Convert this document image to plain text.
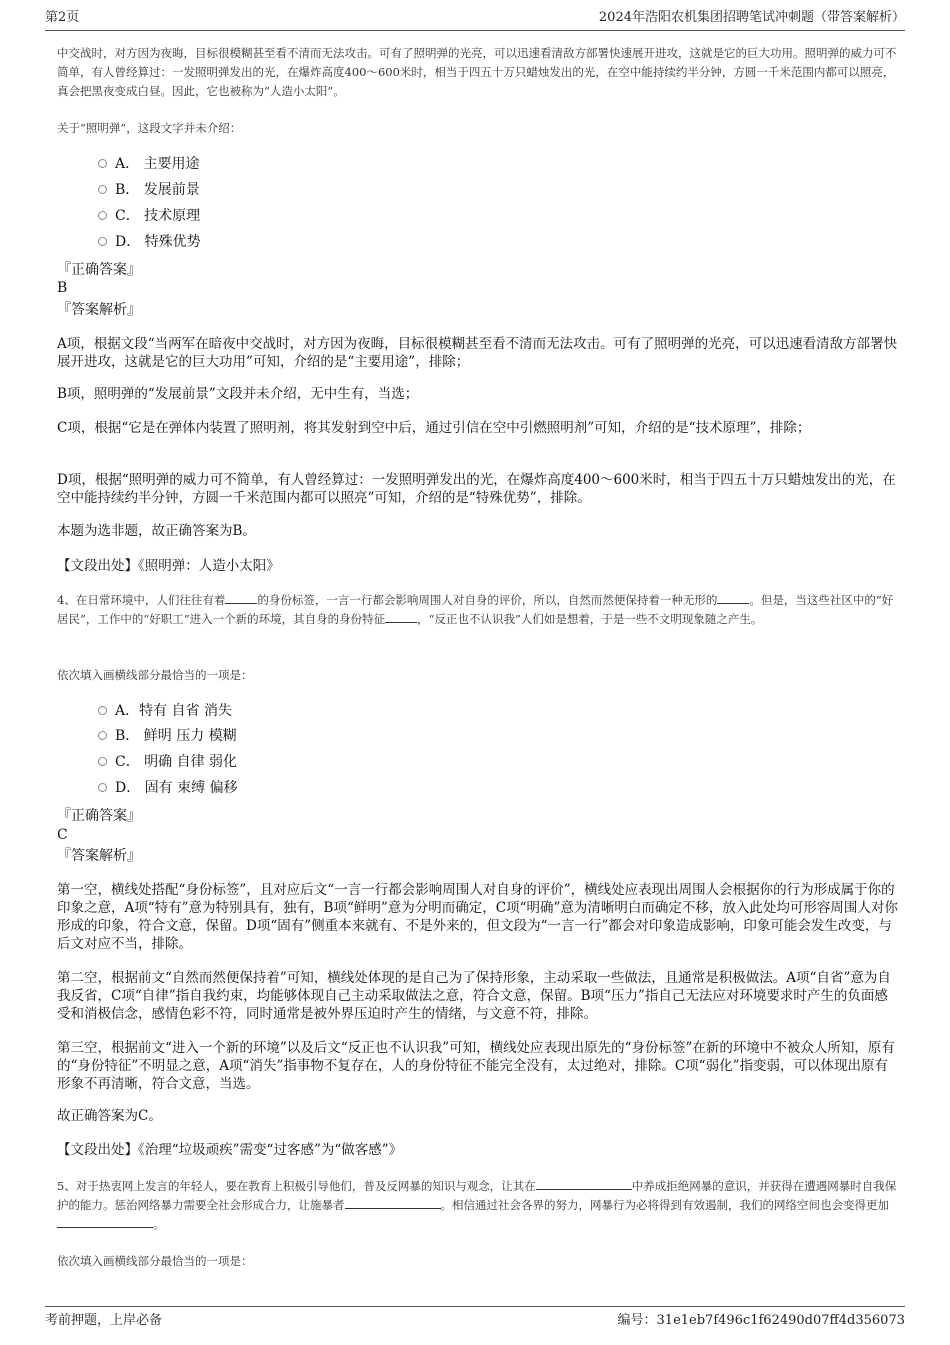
第2页	2024年浩阳农机集团招聘笔试冲刺题（带答案解析）
中交战时，对方因为夜晦，目标很模糊甚至看不清而无法攻击。可有了照明弹的光亮，可以迅速看清敌方部署快速展开进攻，这就是它的巨大功用。照明弹的威力可不简单，有人曾经算过：一发照明弹发出的光，在爆炸高度400～600米时，相当于四五十万只蜡烛发出的光，在空中能持续约半分钟，方圆一千米范围内都可以照亮，真会把黑夜变成白昼。因此，它也被称为“人造小太阳”。
关于“照明弹”，这段文字并未介绍：
A． 主要用途
B． 发展前景
C． 技术原理
D． 特殊优势
『正确答案』
B
『答案解析』
A项，根据文段“当两军在暗夜中交战时，对方因为夜晦，目标很模糊甚至看不清而无法攻击。可有了照明弹的光亮，可以迅速看清敌方部署快展开进攻，这就是它的巨大功用”可知，介绍的是“主要用途”，排除；
B项，照明弹的“发展前景”文段并未介绍，无中生有，当选；
C项，根据“它是在弹体内装置了照明剂，将其发射到空中后，通过引信在空中引燃照明剂”可知，介绍的是“技术原理”，排除；
D项，根据“照明弹的威力可不简单，有人曾经算过：一发照明弹发出的光，在爆炸高度400～600米时，相当于四五十万只蜡烛发出的光，在空中能持续约半分钟，方圆一千米范围内都可以照亮”可知，介绍的是“特殊优势”，排除。
本题为选非题，故正确答案为B。
【文段出处】《照明弹：人造小太阳》
4、在日常环境中，人们往往有着	的身份标签，一言一行都会影响周围人对自身的评价，所以，自然而然便保持着一种无形的	。但是，当这些社区中的“好居民”，工作中的“好职工”进入一个新的环境，其自身的身份特征	，“反正也不认识我”人们如是想着，于是一些不文明现象随之产生。
依次填入画横线部分最恰当的一项是：
A．特有 自省 消失
B． 鲜明 压力 模糊
C． 明确 自律 弱化
D． 固有 束缚 偏移
『正确答案』
C
『答案解析』
第一空，横线处搭配“身份标签”，且对应后文“一言一行都会影响周围人对自身的评价”，横线处应表现出周围人会根据你的行为形成属于你的印象之意，A项“特有”意为特别具有，独有，B项“鲜明”意为分明而确定，C项“明确”意为清晰明白而确定不移，放入此处均可形容周围人对你形成的印象，符合文意，保留。D项“固有”侧重本来就有、不是外来的，但文段为“一言一行”都会对印象造成影响，印象可能会发生改变，与后文对应不当，排除。
第二空，根据前文“自然而然便保持着”可知，横线处体现的是自己为了保持形象，主动采取一些做法，且通常是积极做法。A项“自省”意为自我反省，C项“自律”指自我约束，均能够体现自己主动采取做法之意，符合文意，保留。B项“压力”指自己无法应对环境要求时产生的负面感受和消极信念，感情色彩不符，同时通常是被外界压迫时产生的情绪，与文意不符，排除。
第三空，根据前文“进入一个新的环境”以及后文“反正也不认识我”可知，横线处应表现出原先的“身份标签”在新的环境中不被众人所知，原有的“身份特征”不明显之意，A项“消失”指事物不复存在，人的身份特征不能完全没有，太过绝对，排除。C项“弱化”指变弱，可以体现出原有形象不再清晰，符合文意，当选。
故正确答案为C。
【文段出处】《治理“垃圾顽疾”需变“过客感”为“做客感”》
5、对于热衷网上发言的年轻人，要在教育上积极引导他们，普及反网暴的知识与观念，让其在	中养成拒绝网暴的意识，并获得在遭遇网暴时自我保护的能力。惩治网络暴力需要全社会形成合力，让施暴者	。相信通过社会各界的努力，网暴行为必将得到有效遏制，我们的网络空间也会变得更加。
依次填入画横线部分最恰当的一项是：
考前押题，上岸必备	编号：31e1eb7f496c1f62490d07ff4d356073
